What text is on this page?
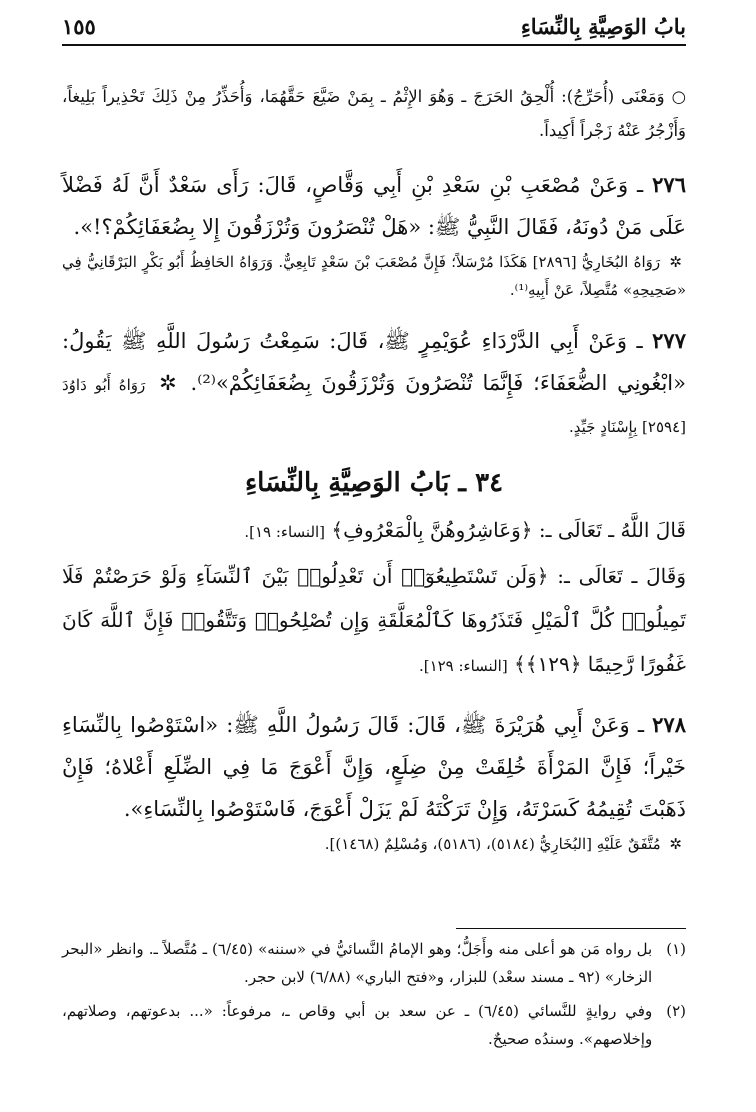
بابُ الوَصِيَّةِ بِالنِّسَاءِ
١٥٥

○ وَمَعْنَى (أُحَرِّجُ): أُلْحِقُ الحَرَجَ ـ وَهُوَ الإِثْمُ ـ بِمَنْ ضَيَّعَ حَقَّهُمَا، وَأُحَذِّرُ مِنْ ذَلِكَ تَحْذِيراً بَلِيغاً، وَأَزْجُرُ عَنْهُ زَجْراً أَكِيداً.

٢٧٦ ـ وَعَنْ مُصْعَبِ بْنِ سَعْدِ بْنِ أَبِي وَقَّاصٍ، قَالَ: رَأَى سَعْدٌ أَنَّ لَهُ فَضْلاً عَلَى مَنْ دُونَهُ، فَقَالَ النَّبِيُّ ﷺ: «هَلْ تُنْصَرُونَ وَتُرْزَقُونَ إِلا بِضُعَفَائِكُمْ؟!».

✲ رَوَاهُ البُخَارِيُّ [٢٨٩٦] هَكَذَا مُرْسَلاً؛ فَإِنَّ مُصْعَبَ بْنَ سَعْدٍ تَابِعِيٌّ. وَرَوَاهُ الحَافِظُ أَبُو بَكْرٍ البَرْقَانِيُّ فِي «صَحِيحِهِ» مُتَّصِلاً، عَنْ أَبِيهِ⁽¹⁾.

٢٧٧ ـ وَعَنْ أَبِي الدَّرْدَاءِ عُوَيْمِرٍ ﷺ، قَالَ: سَمِعْتُ رَسُولَ اللَّهِ ﷺ يَقُولُ: «ابْغُونِي الضُّعَفَاءَ؛ فَإِنَّمَا تُنْصَرُونَ وَتُرْزَقُونَ بِضُعَفَائِكُمْ»⁽²⁾. ✲ رَوَاهُ أَبُو دَاوُدَ [٢٥٩٤] بِإِسْنَادٍ جَيِّدٍ.

٣٤ ـ بَابُ الوَصِيَّةِ بِالنِّسَاءِ

قَالَ اللَّهُ ـ تَعَالَى ـ: ﴿وَعَاشِرُوهُنَّ بِالْمَعْرُوفِ﴾ [النساء: ١٩].

وَقَالَ ـ تَعَالَى ـ: ﴿وَلَن تَسْتَطِيعُوٓا۟ أَن تَعْدِلُوا۟ بَيْنَ ٱلنِّسَآءِ وَلَوْ حَرَصْتُمْ فَلَا تَمِيلُوا۟ كُلَّ ٱلْمَيْلِ فَتَذَرُوهَا كَٱلْمُعَلَّقَةِ وَإِن تُصْلِحُوا۟ وَتَتَّقُوا۟ فَإِنَّ ٱللَّهَ كَانَ غَفُورًا رَّحِيمًا ﴿١٢٩﴾﴾ [النساء: ١٢٩].

٢٧٨ ـ وَعَنْ أَبِي هُرَيْرَةَ ﷺ، قَالَ: قَالَ رَسُولُ اللَّهِ ﷺ: «اسْتَوْصُوا بِالنِّسَاءِ خَيْراً؛ فَإِنَّ المَرْأَةَ خُلِقَتْ مِنْ ضِلَعٍ، وَإِنَّ أَعْوَجَ مَا فِي الضِّلَعِ أَعْلاهُ؛ فَإِنْ ذَهَبْتَ تُقِيمُهُ كَسَرْتَهُ، وَإِنْ تَرَكْتَهُ لَمْ يَزَلْ أَعْوَجَ، فَاسْتَوْصُوا بِالنِّسَاءِ».

✲ مُتَّفَقٌ عَلَيْهِ [البُخَارِيُّ (٥١٨٤)، (٥١٨٦)، وَمُسْلِمٌ (١٤٦٨)].

(١)
بل رواه مَن هو أعلى منه وأَجَلُّ؛ وهو الإمامُ النَّسائيُّ في «سننه» (٦/٤٥) ـ مُتَّصلاً ـ. وانظر «البحر الزخار» (٩٢ ـ مسند سعْد) للبزار، و«فتح الباري» (٦/٨٨) لابن حجر.
(٢)
وفي روايةٍ للنَّسائي (٦/٤٥) ـ عن سعد بن أبي وقاص ـ، مرفوعاً: «... بدعوتهم، وصلاتهم، وإخلاصهم». وسندُه صحيحٌ.
